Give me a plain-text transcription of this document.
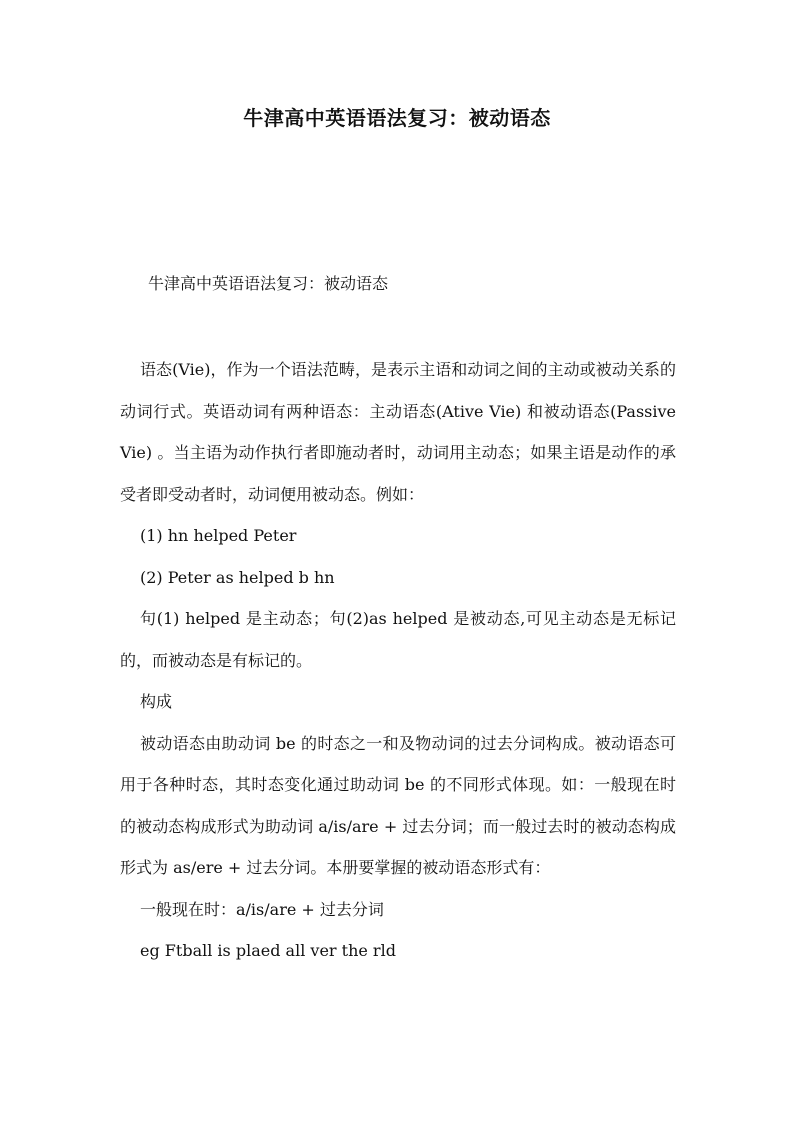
牛津高中英语语法复习：被动语态

牛津高中英语语法复习：被动语态

语态(Vie)，作为一个语法范畴，是表示主语和动词之间的主动或被动关系的动词行式。英语动词有两种语态：主动语态(Ative Vie) 和被动语态(Passive Vie) 。当主语为动作执行者即施动者时，动词用主动态；如果主语是动作的承受者即受动者时，动词便用被动态。例如：

(1) hn helped Peter

(2) Peter as helped b hn

句(1) helped 是主动态；句(2)as helped 是被动态,可见主动态是无标记的，而被动态是有标记的。

构成

被动语态由助动词 be 的时态之一和及物动词的过去分词构成。被动语态可用于各种时态，其时态变化通过助动词 be 的不同形式体现。如：一般现在时的被动态构成形式为助动词 a/is/are + 过去分词；而一般过去时的被动态构成形式为 as/ere + 过去分词。本册要掌握的被动语态形式有：

一般现在时：a/is/are + 过去分词

eg Ftball is plaed all ver the rld
